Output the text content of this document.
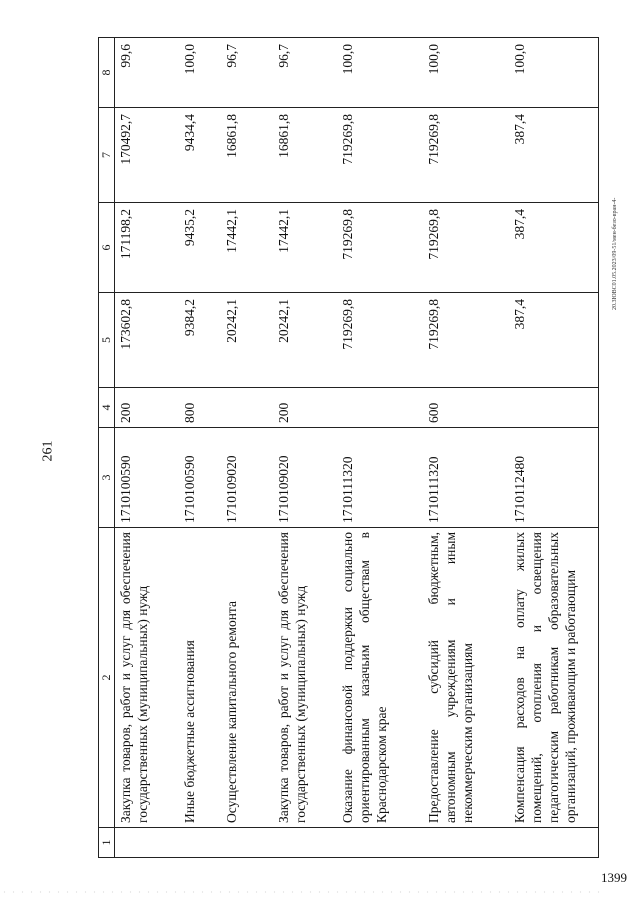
261
1399
20.3ЮВС01.05.2023/09-51/мен-безо-вран-4-
1	2	3	4	5	6	7	8
	Закупка товаров, работ и услуг для обеспечения государственных (муниципальных) нужд	1710100590	200	173602,8	171198,2	170492,7	99,6
	Иные бюджетные ассигнования	1710100590	800	9384,2	9435,2	9434,4	100,0
	Осуществление капитального ремонта	1710109020		20242,1	17442,1	16861,8	96,7
	Закупка товаров, работ и услуг для обеспечения государственных (муниципальных) нужд	1710109020	200	20242,1	17442,1	16861,8	96,7
	Оказание финансовой поддержки социально ориентированным казачьим обществам в Краснодарском крае	1710111320		719269,8	719269,8	719269,8	100,0
	Предоставление субсидий бюджетным, автономным учреждениям и иным некоммерческим организациям	1710111320	600	719269,8	719269,8	719269,8	100,0
	Компенсация расходов на оплату жилых помещений, отопления и освещения педагогическим работникам образовательных организаций, проживающим и работающим	1710112480		387,4	387,4	387,4	100,0
